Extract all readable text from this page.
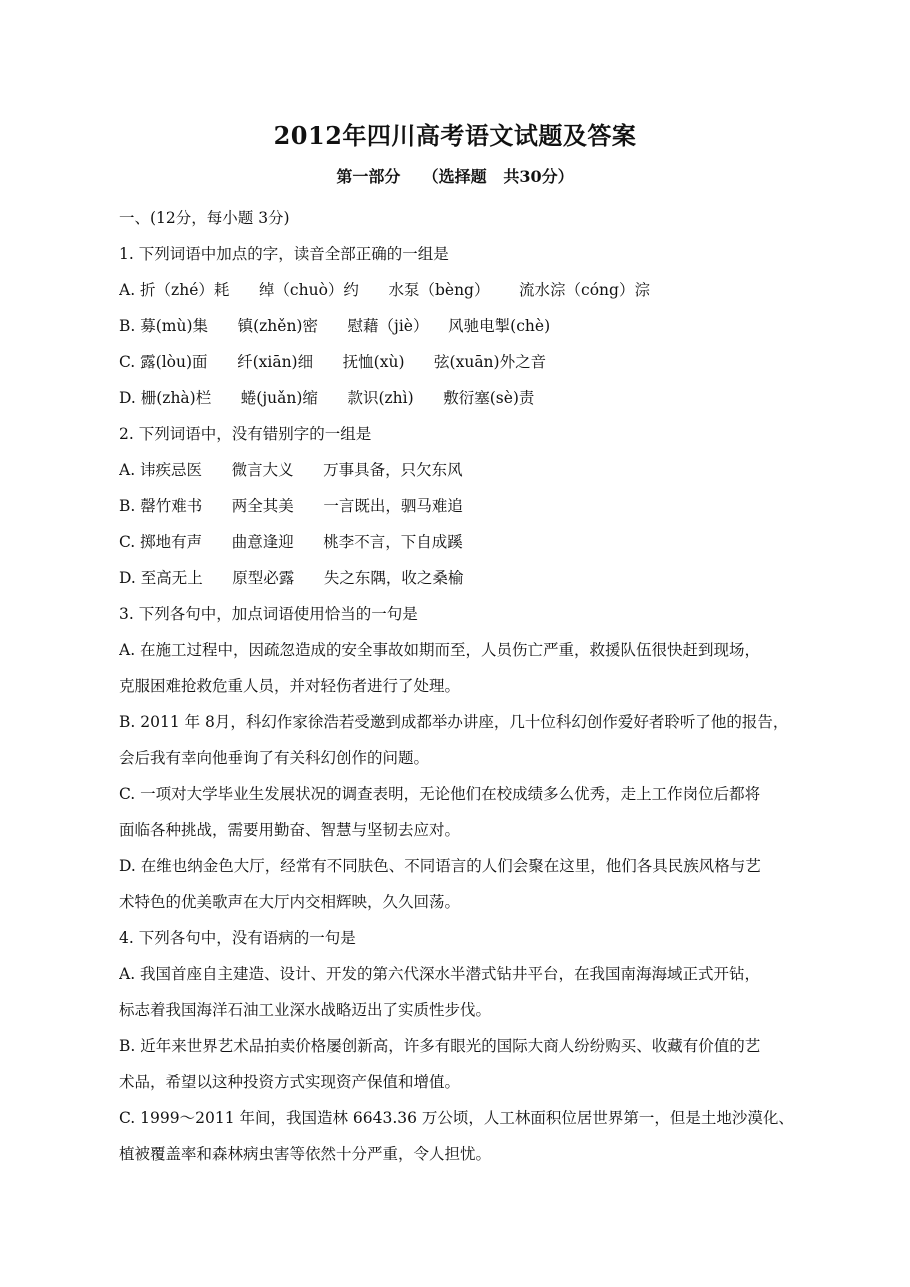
2012年四川高考语文试题及答案
第一部分    （选择题   共30分）
一、(12分，每小题 3分)
1. 下列词语中加点的字，读音全部正确的一组是
A. 折（zhé）耗      绰（chuò）约      水泵（bèng）      流水淙（cóng）淙
B. 募(mù)集      镇(zhěn)密      慰藉（jiè）    风驰电掣(chè)
C. 露(lòu)面      纤(xiān)细      抚恤(xù)      弦(xuān)外之音
D. 栅(zhà)栏      蜷(juǎn)缩      款识(zhì)      敷衍塞(sè)责
2. 下列词语中，没有错别字的一组是
A. 讳疾忌医      微言大义      万事具备，只欠东风
B. 罄竹难书      两全其美      一言既出，驷马难追
C. 掷地有声      曲意逢迎      桃李不言，下自成蹊
D. 至高无上      原型必露      失之东隅，收之桑榆
3. 下列各句中，加点词语使用恰当的一句是
A. 在施工过程中，因疏忽造成的安全事故如期而至，人员伤亡严重，救援队伍很快赶到现场，
克服困难抢救危重人员，并对轻伤者进行了处理。
B. 2011 年 8月，科幻作家徐浩若受邀到成都举办讲座，几十位科幻创作爱好者聆听了他的报告，
会后我有幸向他垂询了有关科幻创作的问题。
C. 一项对大学毕业生发展状况的调查表明，无论他们在校成绩多么优秀，走上工作岗位后都将
面临各种挑战，需要用勤奋、智慧与坚韧去应对。
D. 在维也纳金色大厅，经常有不同肤色、不同语言的人们会聚在这里，他们各具民族风格与艺
术特色的优美歌声在大厅内交相辉映，久久回荡。
4. 下列各句中，没有语病的一句是
A. 我国首座自主建造、设计、开发的第六代深水半潜式钻井平台，在我国南海海域正式开钻，
标志着我国海洋石油工业深水战略迈出了实质性步伐。
B. 近年来世界艺术品拍卖价格屡创新高，许多有眼光的国际大商人纷纷购买、收藏有价值的艺
术品，希望以这种投资方式实现资产保值和增值。
C. 1999～2011 年间，我国造林 6643.36 万公顷，人工林面积位居世界第一，但是土地沙漠化、
植被覆盖率和森林病虫害等依然十分严重，令人担忧。
